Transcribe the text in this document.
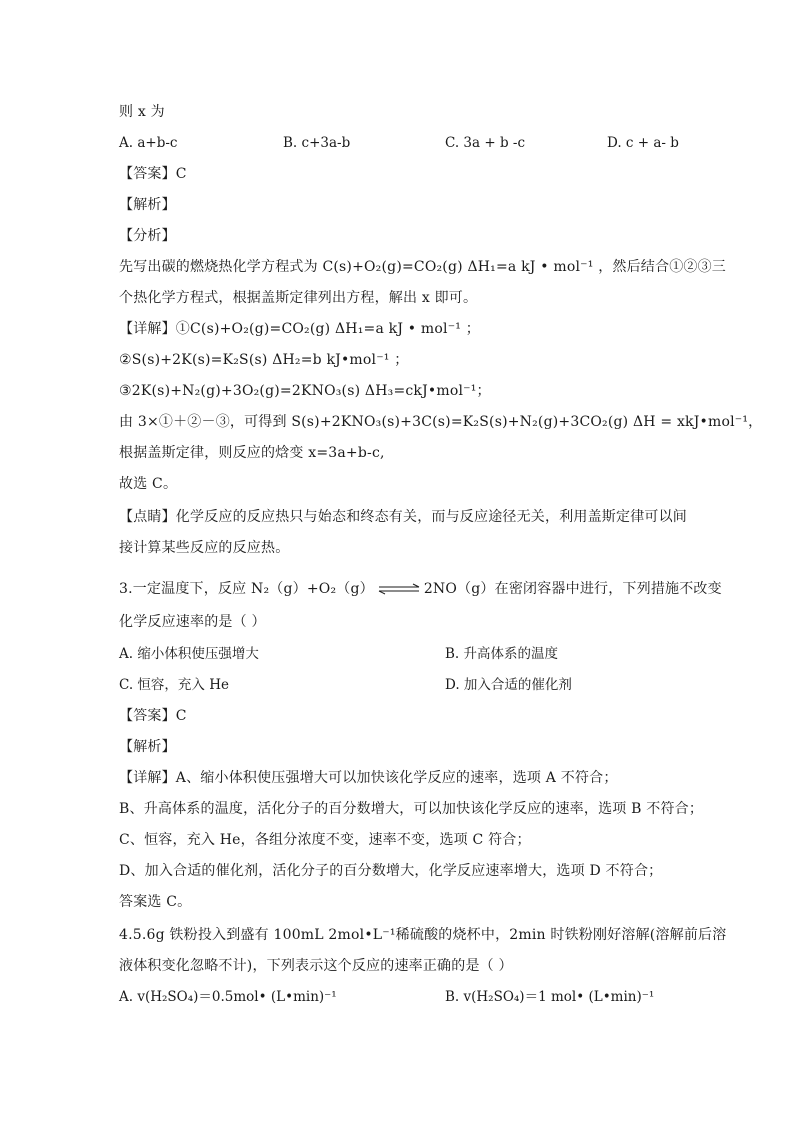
则 x 为
A. a+b-c	B. c+3a-b	C. 3a + b -c	D. c + a- b
【答案】C
【解析】
【分析】
先写出碳的燃烧热化学方程式为 C(s)+O₂(g)=CO₂(g) ΔH₁=a kJ • mol⁻¹ ，然后结合①②③三
个热化学方程式，根据盖斯定律列出方程，解出 x 即可。
【详解】①C(s)+O₂(g)=CO₂(g) ΔH₁=a kJ • mol⁻¹ ；
②S(s)+2K(s)=K₂S(s) ΔH₂=b kJ•mol⁻¹ ；
③2K(s)+N₂(g)+3O₂(g)=2KNO₃(s) ΔH₃=ckJ•mol⁻¹；
由 3×①＋②－③，可得到 S(s)+2KNO₃(s)+3C(s)=K₂S(s)+N₂(g)+3CO₂(g) ΔH = xkJ•mol⁻¹，
根据盖斯定律，则反应的焓变 x=3a+b-c,
故选 C。
【点睛】化学反应的反应热只与始态和终态有关，而与反应途径无关，利用盖斯定律可以间
接计算某些反应的反应热。
3.一定温度下，反应 N₂（g）+O₂（g） ⇌ 2NO（g）在密闭容器中进行，下列措施不改变
化学反应速率的是（ ）
A. 缩小体积使压强增大	B. 升高体系的温度
C. 恒容，充入 He	D. 加入合适的催化剂
【答案】C
【解析】
【详解】A、缩小体积使压强增大可以加快该化学反应的速率，选项 A 不符合；
B、升高体系的温度，活化分子的百分数增大，可以加快该化学反应的速率，选项 B 不符合；
C、恒容，充入 He，各组分浓度不变，速率不变，选项 C 符合；
D、加入合适的催化剂，活化分子的百分数增大，化学反应速率增大，选项 D 不符合；
答案选 C。
4.5.6g 铁粉投入到盛有 100mL 2mol•L⁻¹稀硫酸的烧杯中，2min 时铁粉刚好溶解(溶解前后溶
液体积变化忽略不计)，下列表示这个反应的速率正确的是（ ）
A. v(H₂SO₄)＝0.5mol• (L•min)⁻¹	B. v(H₂SO₄)＝1 mol• (L•min)⁻¹
